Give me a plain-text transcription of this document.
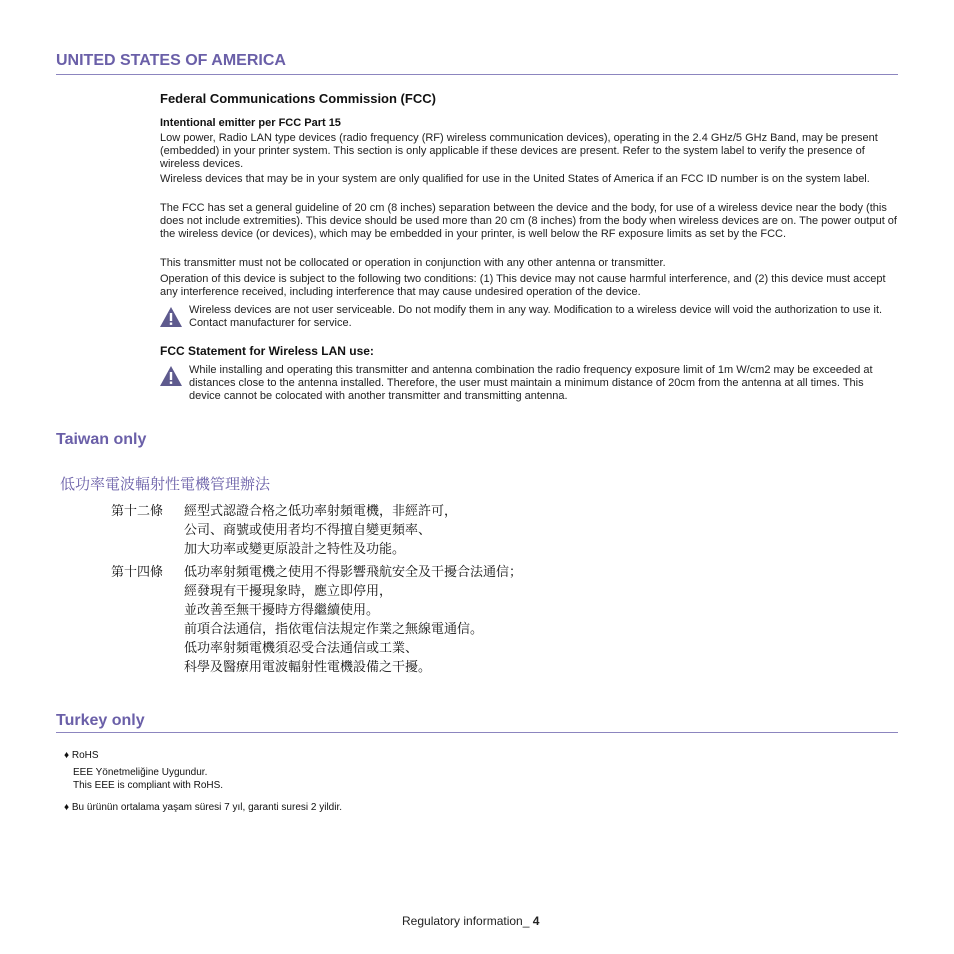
UNITED STATES OF AMERICA
Federal Communications Commission (FCC)
Intentional emitter per FCC Part 15

Low power, Radio LAN type devices (radio frequency (RF) wireless communication devices), operating in the 2.4 GHz/5 GHz Band, may be present (embedded) in your printer system. This section is only applicable if these devices are present. Refer to the system label to verify the presence of wireless devices.

Wireless devices that may be in your system are only qualified for use in the United States of America if an FCC ID number is on the system label.

The FCC has set a general guideline of 20 cm (8 inches) separation between the device and the body, for use of a wireless device near the body (this does not include extremities). This device should be used more than 20 cm (8 inches) from the body when wireless devices are on. The power output of the wireless device (or devices), which may be embedded in your printer, is well below the RF exposure limits as set by the FCC.

This transmitter must not be collocated or operation in conjunction with any other antenna or transmitter.

Operation of this device is subject to the following two conditions: (1) This device may not cause harmful interference, and (2) this device must accept any interference received, including interference that may cause undesired operation of the device.

Wireless devices are not user serviceable. Do not modify them in any way. Modification to a wireless device will void the authorization to use it. Contact manufacturer for service.

FCC Statement for Wireless LAN use:

While installing and operating this transmitter and antenna combination the radio frequency exposure limit of 1m W/cm2 may be exceeded at distances close to the antenna installed. Therefore, the user must maintain a minimum distance of 20cm from the antenna at all times. This device cannot be colocated with another transmitter and transmitting antenna.

Taiwan only
低功率電波輻射性電機管理辦法
第十二條 經型式認證合格之低功率射頻電機，非經許可，
公司、商號或使用者均不得擅自變更頻率、
加大功率或變更原設計之特性及功能。
第十四條 低功率射頻電機之使用不得影響飛航安全及干擾合法通信；
經發現有干擾現象時，應立即停用，
並改善至無干擾時方得繼續使用。
前項合法通信，指依電信法規定作業之無線電通信。
低功率射頻電機須忍受合法通信或工業、
科學及醫療用電波輻射性電機設備之干擾。
Turkey only
♦ RoHS
EEE Yönetmeliğine Uygundur.
This EEE is compliant with RoHS.
♦ Bu ürünün ortalama yaşam süresi 7 yıl, garanti suresi 2 yildir.
Regulatory information_ 4
